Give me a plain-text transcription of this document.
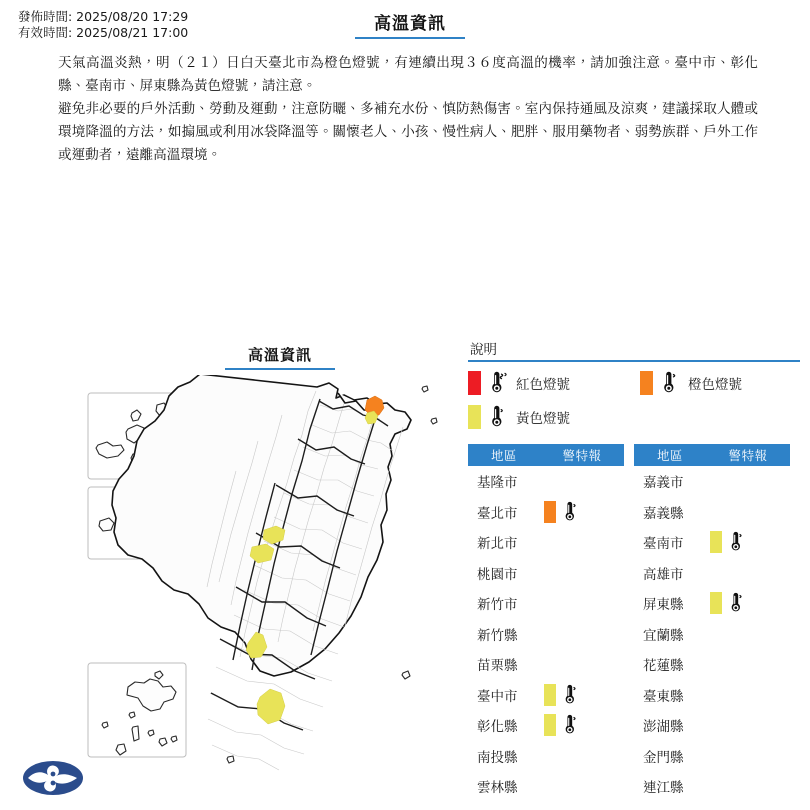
發佈時間: 2025/08/20 17:29
有效時間: 2025/08/21 17:00	高溫資訊

天氣高溫炎熱，明（２１）日白天臺北市為橙色燈號，有連續出現３６度高溫的機率，請加強注意。臺中市、彰化縣、臺南市、屏東縣為黃色燈號，請注意。

避免非必要的戶外活動、勞動及運動，注意防曬、多補充水份、慎防熱傷害。室內保持通風及涼爽，建議採取人體或環境降溫的方法，如搧風或利用冰袋降溫等。關懷老人、小孩、慢性病人、肥胖、服用藥物者、弱勢族群、戶外工作或運動者，遠離高溫環境。

高溫資訊	說明
紅色燈號	橙色燈號
黃色燈號
地區	警特報
基隆市
臺北市
新北市
桃園市
新竹市
新竹縣
苗栗縣
臺中市
彰化縣
南投縣
雲林縣
地區	警特報
嘉義市
嘉義縣
臺南市
高雄市
屏東縣
宜蘭縣
花蓮縣
臺東縣
澎湖縣
金門縣
連江縣
